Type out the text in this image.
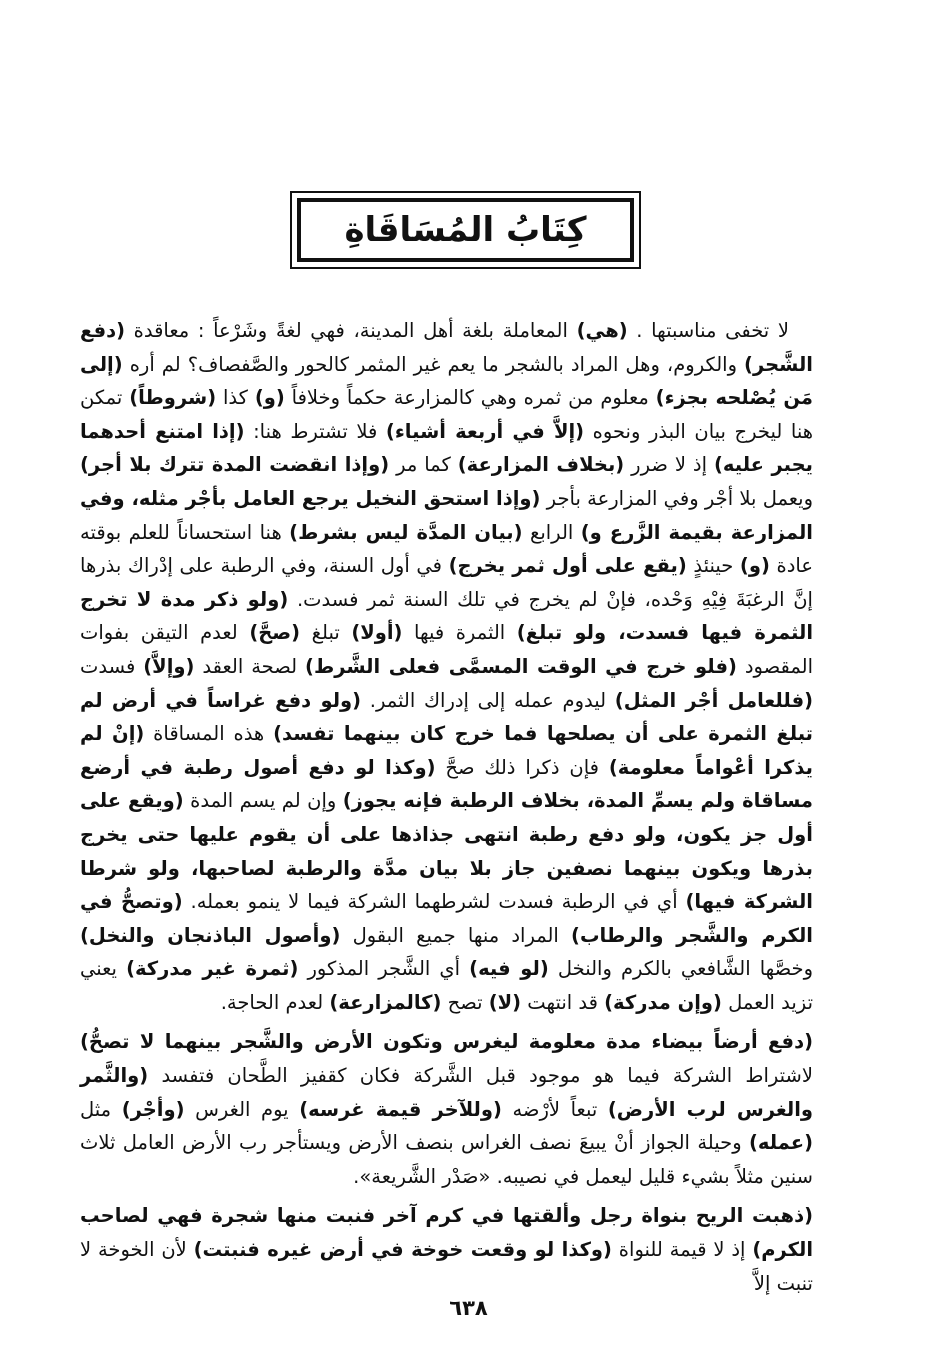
كِتَابُ المُسَاقَاةِ

لا تخفى مناسبتها . (هي) المعاملة بلغة أهل المدينة، فهي لغةً وشَرْعاً : معاقدة (دفع الشَّجر) والكروم، وهل المراد بالشجر ما يعم غير المثمر كالحور والصَّفصاف؟ لم أره (إلى مَن يُصْلحه بجزء) معلوم من ثمره وهي كالمزارعة حكماً وخلافاً (و) كذا (شروطاً) تمكن هنا ليخرج بيان البذر ونحوه (إلاَّ في أربعة أشياء) فلا تشترط هنا: (إذا امتنع أحدهما يجبر عليه) إذ لا ضرر (بخلاف المزارعة) كما مر (وإذا انقضت المدة تترك بلا أجر) ويعمل بلا أجْر وفي المزارعة بأجر (وإذا استحق النخيل يرجع العامل بأجْر مثله، وفي المزارعة بقيمة الزَّرع و) الرابع (بيان المدَّة ليس بشرط) هنا استحساناً للعلم بوقته عادة (و) حينئذٍ (يقع على أول ثمر يخرج) في أول السنة، وفي الرطبة على إدْراك بذرها إنَّ الرغبَةَ فِيْهِ وَحْده، فإنْ لم يخرج في تلك السنة ثمر فسدت. (ولو ذكر مدة لا تخرج الثمرة فيها فسدت، ولو تبلغ) الثمرة فيها (أولا) تبلغ (صحَّ) لعدم التيقن بفوات المقصود (فلو خرج في الوقت المسمَّى فعلى الشَّرط) لصحة العقد (وإلاَّ) فسدت (فللعامل أجْر المثل) ليدوم عمله إلى إدراك الثمر. (ولو دفع غراساً في أرض لم تبلغ الثمرة على أن يصلحها فما خرج كان بينهما تفسد) هذه المساقاة (إنْ لم يذكرا أعْواماً معلومة) فإن ذكرا ذلك صحَّ (وكذا لو دفع أصول رطبة في أرضع مساقاة ولم يسمِّ المدة، بخلاف الرطبة فإنه يجوز) وإن لم يسم المدة (ويقع على أول جز يكون، ولو دفع رطبة انتهى جذاذها على أن يقوم عليها حتى يخرج بذرها ويكون بينهما نصفين جاز بلا بيان مدَّة والرطبة لصاحبها، ولو شرطا الشركة فيها) أي في الرطبة فسدت لشرطهما الشركة فيما لا ينمو بعمله. (وتصحُّ في الكرم والشَّجر والرطاب) المراد منها جميع البقول (وأصول الباذنجان والنخل) وخصَّها الشَّافعي بالكرم والنخل (لو فيه) أي الشَّجر المذكور (ثمرة غير مدركة) يعني تزيد العمل (وإن مدركة) قد انتهت (لا) تصح (كالمزارعة) لعدم الحاجة.

(دفع أرضاً بيضاء مدة معلومة ليغرس وتكون الأرض والشَّجر بينهما لا تصحُّ) لاشتراط الشركة فيما هو موجود قبل الشَّركة فكان كقفيز الطَّحان فتفسد (والثَّمر والغرس لرب الأرض) تبعاً لأرْضه (وللآخر قيمة غرسه) يوم الغرس (وأجْر) مثل (عمله) وحيلة الجواز أنْ يبيعَ نصف الغراس بنصف الأرض ويستأجر رب الأرض العامل ثلاث سنين مثلاً بشيء قليل ليعمل في نصيبه. «صَدْر الشَّريعة».

(ذهبت الريح بنواة رجل وألقتها في كرم آخر فنبت منها شجرة فهي لصاحب الكرم) إذ لا قيمة للنواة (وكذا لو وقعت خوخة في أرض غيره فنبتت) لأن الخوخة لا تنبت إلاَّ

٦٣٨
